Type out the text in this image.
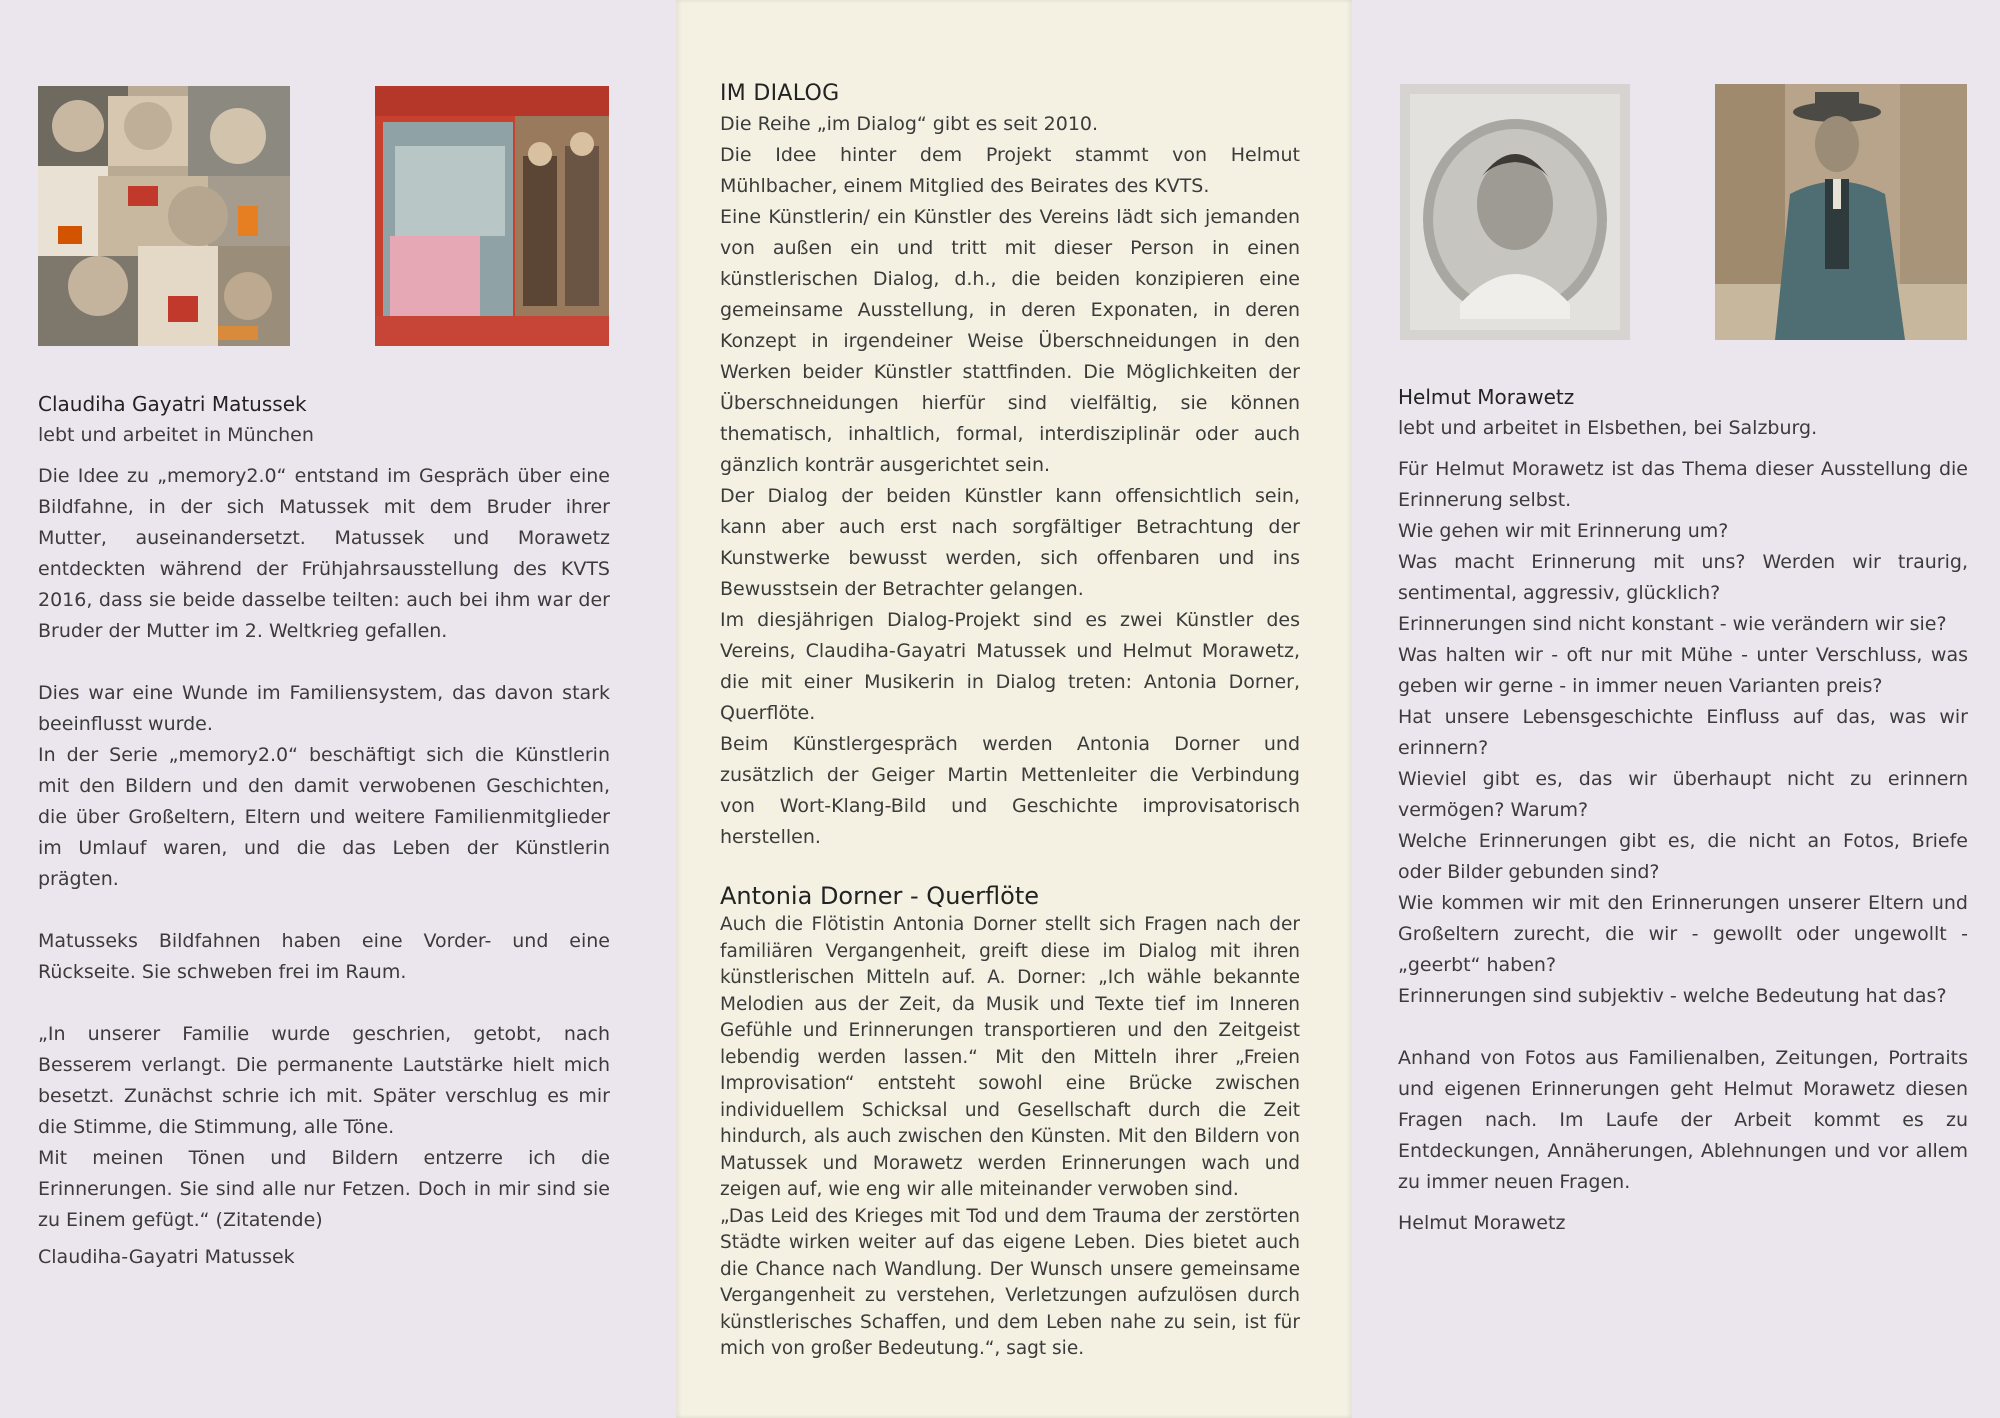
Claudiha Gayatri Matussek

lebt und arbeitet in München

Die Idee zu „memory2.0“ entstand im Gespräch über eine Bildfahne, in der sich Matussek mit dem Bruder ihrer Mutter, auseinandersetzt. Matussek und Morawetz entdeckten während der Frühjahrsausstellung des KVTS 2016, dass sie beide dasselbe teilten: auch bei ihm war der Bruder der Mutter im 2. Weltkrieg gefallen.

Dies war eine Wunde im Familiensystem, das davon stark beeinflusst wurde.

In der Serie „memory2.0“ beschäftigt sich die Künstlerin mit den Bildern und den damit verwobenen Geschichten, die über Großeltern, Eltern und weitere Familienmitglieder im Umlauf waren, und die das Leben der Künstlerin prägten.

Matusseks Bildfahnen haben eine Vorder- und eine Rückseite. Sie schweben frei im Raum.

„In unserer Familie wurde geschrien, getobt, nach Besserem verlangt. Die permanente Lautstärke hielt mich besetzt. Zunächst schrie ich mit. Später verschlug es mir die Stimme, die Stimmung, alle Töne.

Mit meinen Tönen und Bildern entzerre ich die Erinnerungen. Sie sind alle nur Fetzen. Doch in mir sind sie zu Einem gefügt.“ (Zitatende)

Claudiha-Gayatri Matussek

IM DIALOG

Die Reihe „im Dialog“ gibt es seit 2010.

Die Idee hinter dem Projekt stammt von Helmut Mühlbacher, einem Mitglied des Beirates des KVTS.

Eine Künstlerin/ ein Künstler des Vereins lädt sich jemanden von außen ein und tritt mit dieser Person in einen künstlerischen Dialog, d.h., die beiden konzipieren eine gemeinsame Ausstellung, in deren Exponaten, in deren Konzept in irgendeiner Weise Überschneidungen in den Werken beider Künstler stattfinden. Die Möglichkeiten der Überschneidungen hierfür sind vielfältig, sie können thematisch, inhaltlich, formal, interdisziplinär oder auch gänzlich konträr ausgerichtet sein.

Der Dialog der beiden Künstler kann offensichtlich sein, kann aber auch erst nach sorgfältiger Betrachtung der Kunstwerke bewusst werden, sich offenbaren und ins Bewusstsein der Betrachter gelangen.

Im diesjährigen Dialog-Projekt sind es zwei Künstler des Vereins, Claudiha-Gayatri Matussek und Helmut Morawetz, die mit einer Musikerin in Dialog treten: Antonia Dorner, Querflöte.

Beim Künstlergespräch werden Antonia Dorner und zusätzlich der Geiger Martin Mettenleiter die Verbindung von Wort-Klang-Bild und Geschichte improvisatorisch herstellen.

Antonia Dorner - Querflöte

Auch die Flötistin Antonia Dorner stellt sich Fragen nach der familiären Vergangenheit, greift diese im Dialog mit ihren künstlerischen Mitteln auf. A. Dorner: „Ich wähle bekannte Melodien aus der Zeit, da Musik und Texte tief im Inneren Gefühle und Erinnerungen transportieren und den Zeitgeist lebendig werden lassen.“ Mit den Mitteln ihrer „Freien Improvisation“ entsteht sowohl eine Brücke zwischen individuellem Schicksal und Gesellschaft durch die Zeit hindurch, als auch zwischen den Künsten. Mit den Bildern von Matussek und Morawetz werden Erinnerungen wach und zeigen auf, wie eng wir alle miteinander verwoben sind.

„Das Leid des Krieges mit Tod und dem Trauma der zerstörten Städte wirken weiter auf das eigene Leben. Dies bietet auch die Chance nach Wandlung. Der Wunsch unsere gemeinsame Vergangenheit zu verstehen, Verletzungen aufzulösen durch künstlerisches Schaffen, und dem Leben nahe zu sein, ist für mich von großer Bedeutung.“, sagt sie.

Helmut Morawetz

lebt und arbeitet in Elsbethen, bei Salzburg.

Für Helmut Morawetz ist das Thema dieser Ausstellung die Erinnerung selbst.

Wie gehen wir mit Erinnerung um?

Was macht Erinnerung mit uns? Werden wir traurig, sentimental, aggressiv, glücklich?

Erinnerungen sind nicht konstant - wie verändern wir sie?

Was halten wir - oft nur mit Mühe - unter Verschluss, was geben wir gerne - in immer neuen Varianten preis?

Hat unsere Lebensgeschichte Einfluss auf das, was wir erinnern?

Wieviel gibt es, das wir überhaupt nicht zu erinnern vermögen? Warum?

Welche Erinnerungen gibt es, die nicht an Fotos, Briefe oder Bilder gebunden sind?

Wie kommen wir mit den Erinnerungen unserer Eltern und Großeltern zurecht, die wir - gewollt oder ungewollt - „geerbt“ haben?

Erinnerungen sind subjektiv - welche Bedeutung hat das?

Anhand von Fotos aus Familienalben, Zeitungen, Portraits und eigenen Erinnerungen geht Helmut Morawetz diesen Fragen nach. Im Laufe der Arbeit kommt es zu Entdeckungen, Annäherungen, Ablehnungen und vor allem zu immer neuen Fragen.

Helmut Morawetz
